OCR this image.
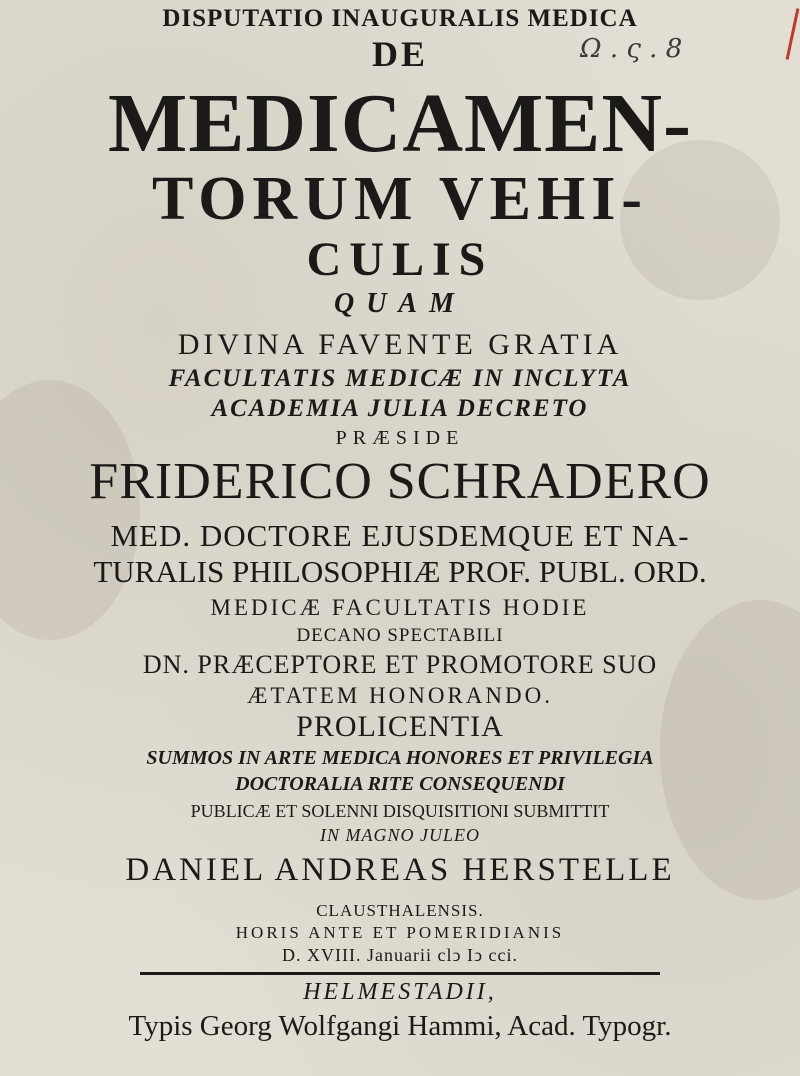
DISPUTATIO INAUGURALIS MEDICA
DE	Ω . ς . 8
MEDICAMEN-
TORUM VEHI-
CULIS
QUAM
DIVINA FAVENTE GRATIA
FACULTATIS MEDICÆ IN INCLYTA
ACADEMIA JULIA DECRETO
PRÆSIDE
FRIDERICO SCHRADERO
MED. DOCTORE EJUSDEMQUE ET NA-
TURALIS PHILOSOPHIÆ PROF. PUBL. ORD.
MEDICÆ FACULTATIS HODIE
DECANO SPECTABILI
DN. PRÆCEPTORE ET PROMOTORE SUO
ÆTATEM HONORANDO.
PROLICENTIA
SUMMOS IN ARTE MEDICA HONORES ET PRIVILEGIA
DOCTORALIA RITE CONSEQUENDI
PUBLICÆ ET SOLENNI DISQUISITIONI SUBMITTIT
IN MAGNO JULEO
DANIEL ANDREAS HERSTELLE
CLAUSTHALENSIS.
HORIS ANTE ET POMERIDIANIS
D. XVIII. Januarii clↄ Iↄ cci.
HELMESTADII,
Typis Georg Wolfgangi Hammi, Acad. Typogr.
